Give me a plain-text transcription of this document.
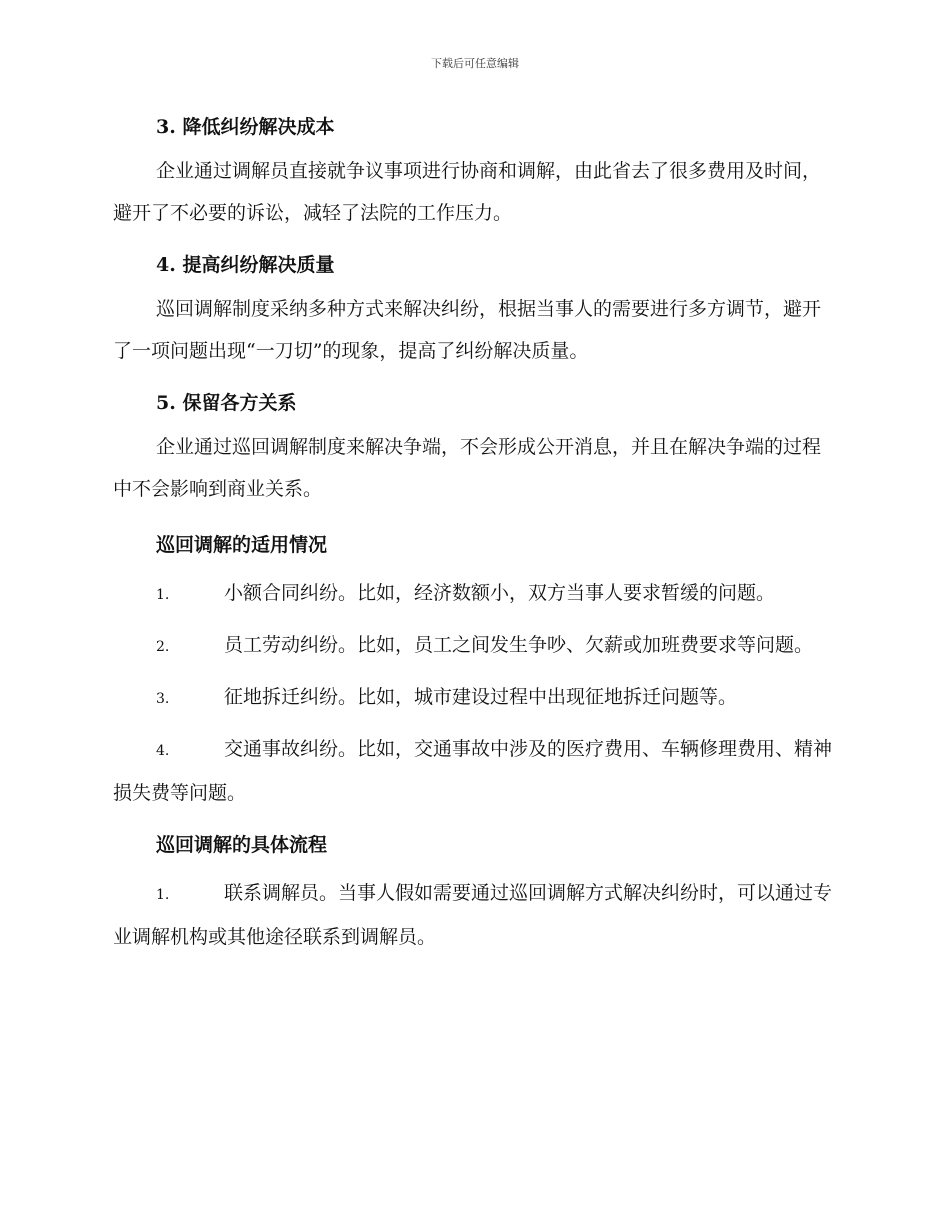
下载后可任意编辑
3. 降低纠纷解决成本

企业通过调解员直接就争议事项进行协商和调解，由此省去了很多费用及时间，避开了不必要的诉讼，减轻了法院的工作压力。

4. 提高纠纷解决质量

巡回调解制度采纳多种方式来解决纠纷，根据当事人的需要进行多方调节，避开了一项问题出现“一刀切”的现象，提高了纠纷解决质量。

5. 保留各方关系

企业通过巡回调解制度来解决争端，不会形成公开消息，并且在解决争端的过程中不会影响到商业关系。

巡回调解的适用情况

1.	小额合同纠纷。比如，经济数额小，双方当事人要求暂缓的问题。

2.	员工劳动纠纷。比如，员工之间发生争吵、欠薪或加班费要求等问题。

3.	征地拆迁纠纷。比如，城市建设过程中出现征地拆迁问题等。

4.	交通事故纠纷。比如，交通事故中涉及的医疗费用、车辆修理费用、精神损失费等问题。

巡回调解的具体流程

1.	联系调解员。当事人假如需要通过巡回调解方式解决纠纷时，可以通过专业调解机构或其他途径联系到调解员。
